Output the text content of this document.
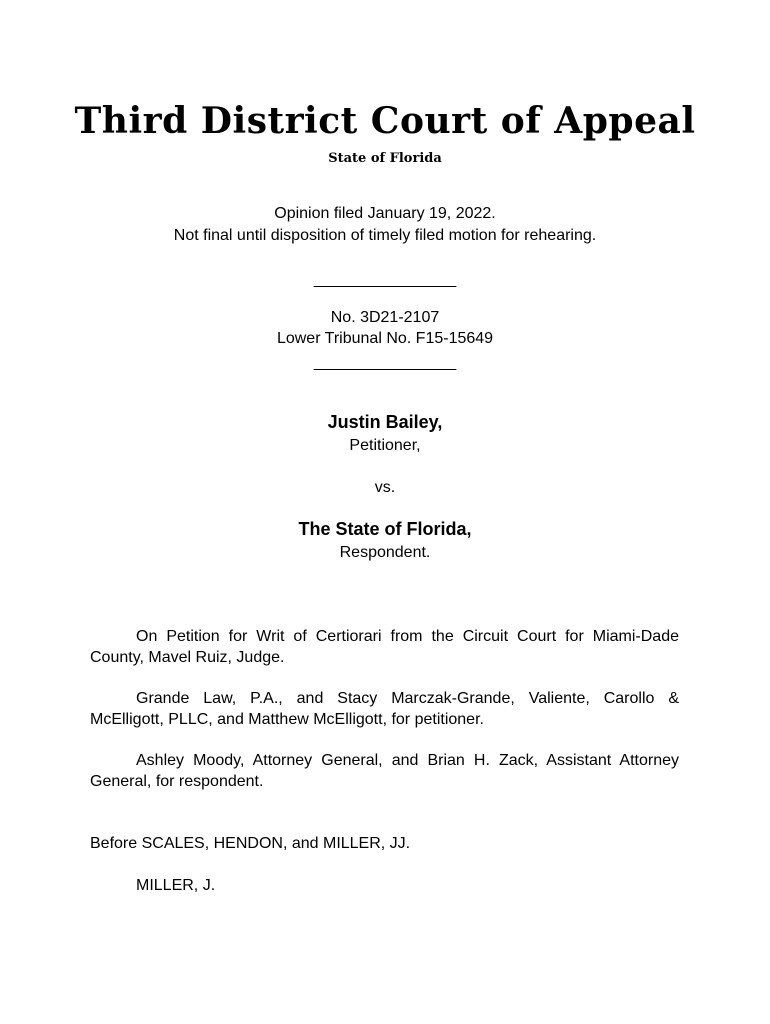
Third District Court of Appeal
State of Florida
Opinion filed January 19, 2022.
Not final until disposition of timely filed motion for rehearing.
________________
No. 3D21-2107
Lower Tribunal No. F15-15649
________________
Justin Bailey,
Petitioner,
vs.
The State of Florida,
Respondent.
On Petition for Writ of Certiorari from the Circuit Court for Miami-Dade County, Mavel Ruiz, Judge.
Grande Law, P.A., and Stacy Marczak-Grande, Valiente, Carollo & McElligott, PLLC, and Matthew McElligott, for petitioner.
Ashley Moody, Attorney General, and Brian H. Zack, Assistant Attorney General, for respondent.
Before SCALES, HENDON, and MILLER, JJ.
MILLER, J.
